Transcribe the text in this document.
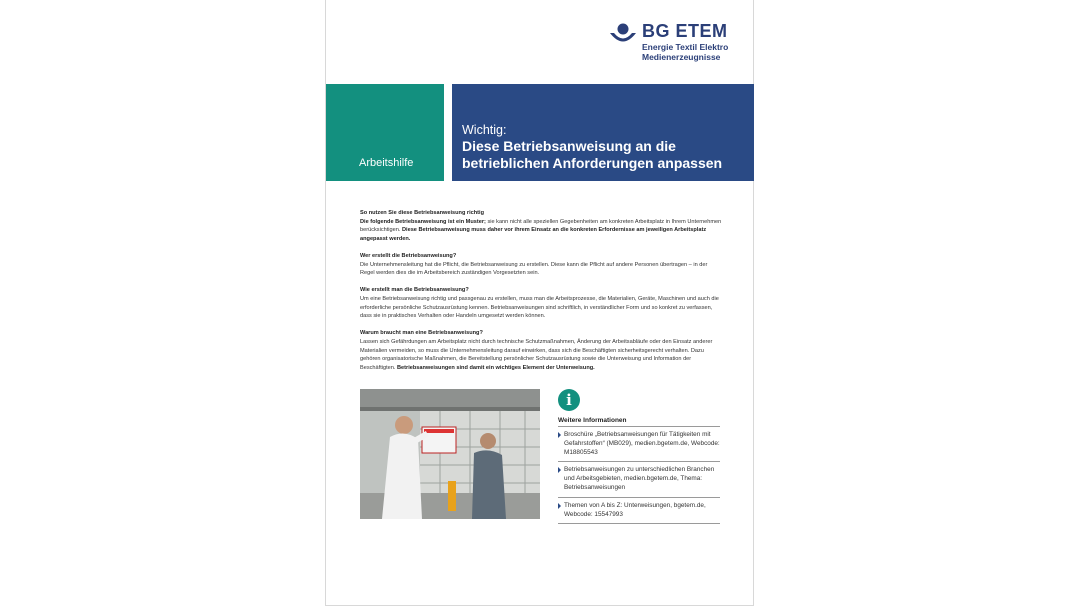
BG ETEM
Energie Textil Elektro
Medienerzeugnisse
Arbeitshilfe
Wichtig:
Diese Betriebsanweisung an die betrieblichen Anforderungen anpassen

So nutzen Sie diese Betriebsanweisung richtig
Die folgende Betriebsanweisung ist ein Muster; sie kann nicht alle speziellen Gegebenheiten am konkreten Arbeitsplatz in Ihrem Unternehmen berücksichtigen. Diese Betriebsanweisung muss daher vor ihrem Einsatz an die konkreten Erfordernisse am jeweiligen Arbeitsplatz angepasst werden.

Wer erstellt die Betriebsanweisung?
Die Unternehmensleitung hat die Pflicht, die Betriebsanweisung zu erstellen. Diese kann die Pflicht auf andere Personen übertragen – in der Regel werden dies die im Arbeitsbereich zuständigen Vorgesetzten sein.

Wie erstellt man die Betriebsanweisung?
Um eine Betriebsanweisung richtig und passgenau zu erstellen, muss man die Arbeitsprozesse, die Materialien, Geräte, Maschinen und auch die erforderliche persönliche Schutzausrüstung kennen. Betriebsanweisungen sind schriftlich, in verständlicher Form und so konkret zu verfassen, dass sie in praktisches Verhalten oder Handeln umgesetzt werden können.

Warum braucht man eine Betriebsanweisung?
Lassen sich Gefährdungen am Arbeitsplatz nicht durch technische Schutzmaßnahmen, Änderung der Arbeitsabläufe oder den Einsatz anderer Materialien vermeiden, so muss die Unternehmensleitung darauf einwirken, dass sich die Beschäftigten sicherheitsgerecht verhalten. Dazu gehören organisatorische Maßnahmen, die Bereitstellung persönlicher Schutzausrüstung sowie die Unterweisung und Information der Beschäftigten. Betriebsanweisungen sind damit ein wichtiges Element der Unterweisung.

i
Weitere Informationen
Broschüre „Betriebsanweisungen für Tätigkeiten mit Gefahrstoffen“ (MB029), medien.bgetem.de, Webcode: M18805543
Betriebsanweisungen zu unterschiedlichen Branchen und Arbeitsgebieten, medien.bgetem.de, Thema: Betriebsanweisungen
Themen von A bis Z: Unterweisungen, bgetem.de, Webcode: 15547993
